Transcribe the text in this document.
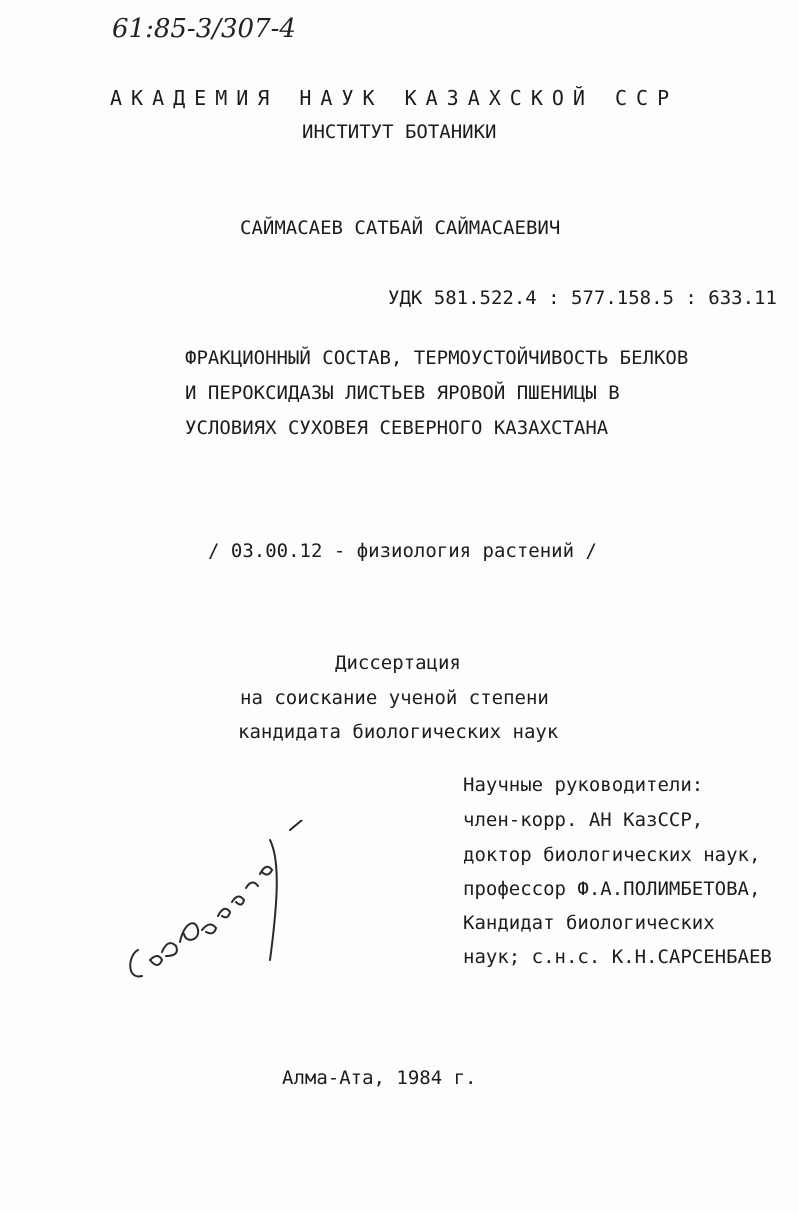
61:85-3/307-4
АКАДЕМИЯ НАУК КАЗАХСКОЙ ССР
ИНСТИТУТ БОТАНИКИ
САЙМАСАЕВ САТБАЙ САЙМАСАЕВИЧ
УДК 581.522.4 : 577.158.5 : 633.11
ФРАКЦИОННЫЙ СОСТАВ, ТЕРМОУСТОЙЧИВОСТЬ БЕЛКОВ
И ПЕРОКСИДАЗЫ ЛИСТЬЕВ ЯРОВОЙ ПШЕНИЦЫ В
УСЛОВИЯХ СУХОВЕЯ СЕВЕРНОГО КАЗАХСТАНА
/ 03.00.12 - физиология растений /
Диссертация
на соискание ученой степени
кандидата биологических наук
Научные руководители:
член-корр. АН КазССР,
доктор биологических наук,
профессор Ф.А.ПОЛИМБЕТОВА,
Кандидат биологических
наук; с.н.с. К.Н.САРСЕНБАЕВ
Алма-Ата, 1984 г.
